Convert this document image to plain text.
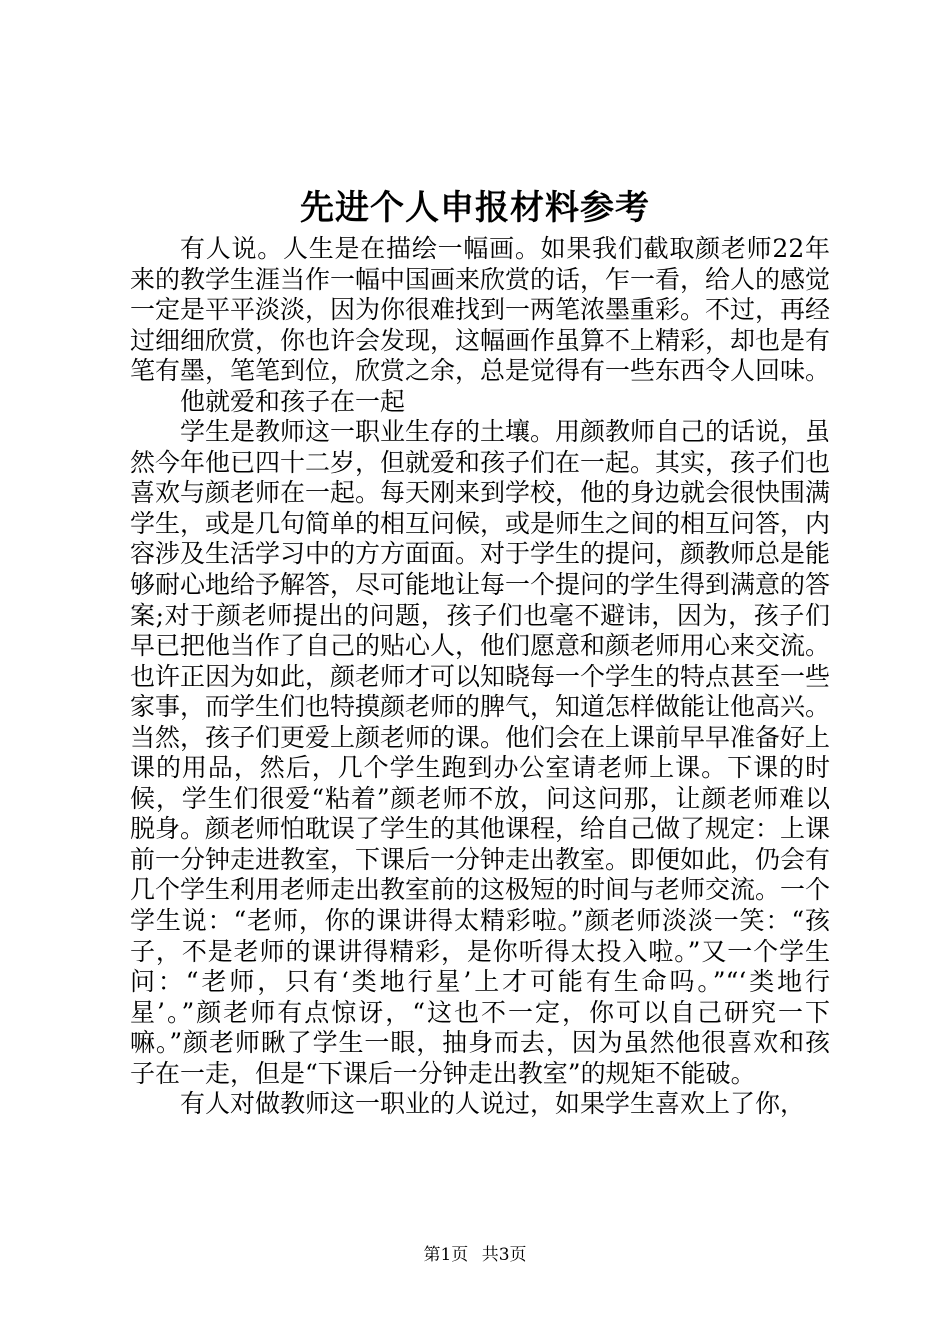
先进个人申报材料参考

有人说。人生是在描绘一幅画。如果我们截取颜老师22年来的教学生涯当作一幅中国画来欣赏的话，乍一看，给人的感觉一定是平平淡淡，因为你很难找到一两笔浓墨重彩。不过，再经过细细欣赏，你也许会发现，这幅画作虽算不上精彩，却也是有笔有墨，笔笔到位，欣赏之余，总是觉得有一些东西令人回味。

他就爱和孩子在一起

学生是教师这一职业生存的土壤。用颜教师自己的话说，虽然今年他已四十二岁，但就爱和孩子们在一起。其实，孩子们也喜欢与颜老师在一起。每天刚来到学校，他的身边就会很快围满学生，或是几句简单的相互问候，或是师生之间的相互问答，内容涉及生活学习中的方方面面。对于学生的提问，颜教师总是能够耐心地给予解答，尽可能地让每一个提问的学生得到满意的答案;对于颜老师提出的问题，孩子们也毫不避讳，因为，孩子们早已把他当作了自己的贴心人，他们愿意和颜老师用心来交流。也许正因为如此，颜老师才可以知晓每一个学生的特点甚至一些家事，而学生们也特摸颜老师的脾气，知道怎样做能让他高兴。当然，孩子们更爱上颜老师的课。他们会在上课前早早准备好上课的用品，然后，几个学生跑到办公室请老师上课。下课的时候，学生们很爱“粘着”颜老师不放，问这问那，让颜老师难以脱身。颜老师怕耽误了学生的其他课程，给自己做了规定：上课前一分钟走进教室，下课后一分钟走出教室。即便如此，仍会有几个学生利用老师走出教室前的这极短的时间与老师交流。一个学生说：“老师，你的课讲得太精彩啦。”颜老师淡淡一笑：“孩子，不是老师的课讲得精彩，是你听得太投入啦。”又一个学生问：“老师，只有‘类地行星’上才可能有生命吗。”“‘类地行星’。”颜老师有点惊讶，“这也不一定，你可以自己研究一下嘛。”颜老师瞅了学生一眼，抽身而去，因为虽然他很喜欢和孩子在一走，但是“下课后一分钟走出教室”的规矩不能破。

有人对做教师这一职业的人说过，如果学生喜欢上了你，

第1页 共3页
